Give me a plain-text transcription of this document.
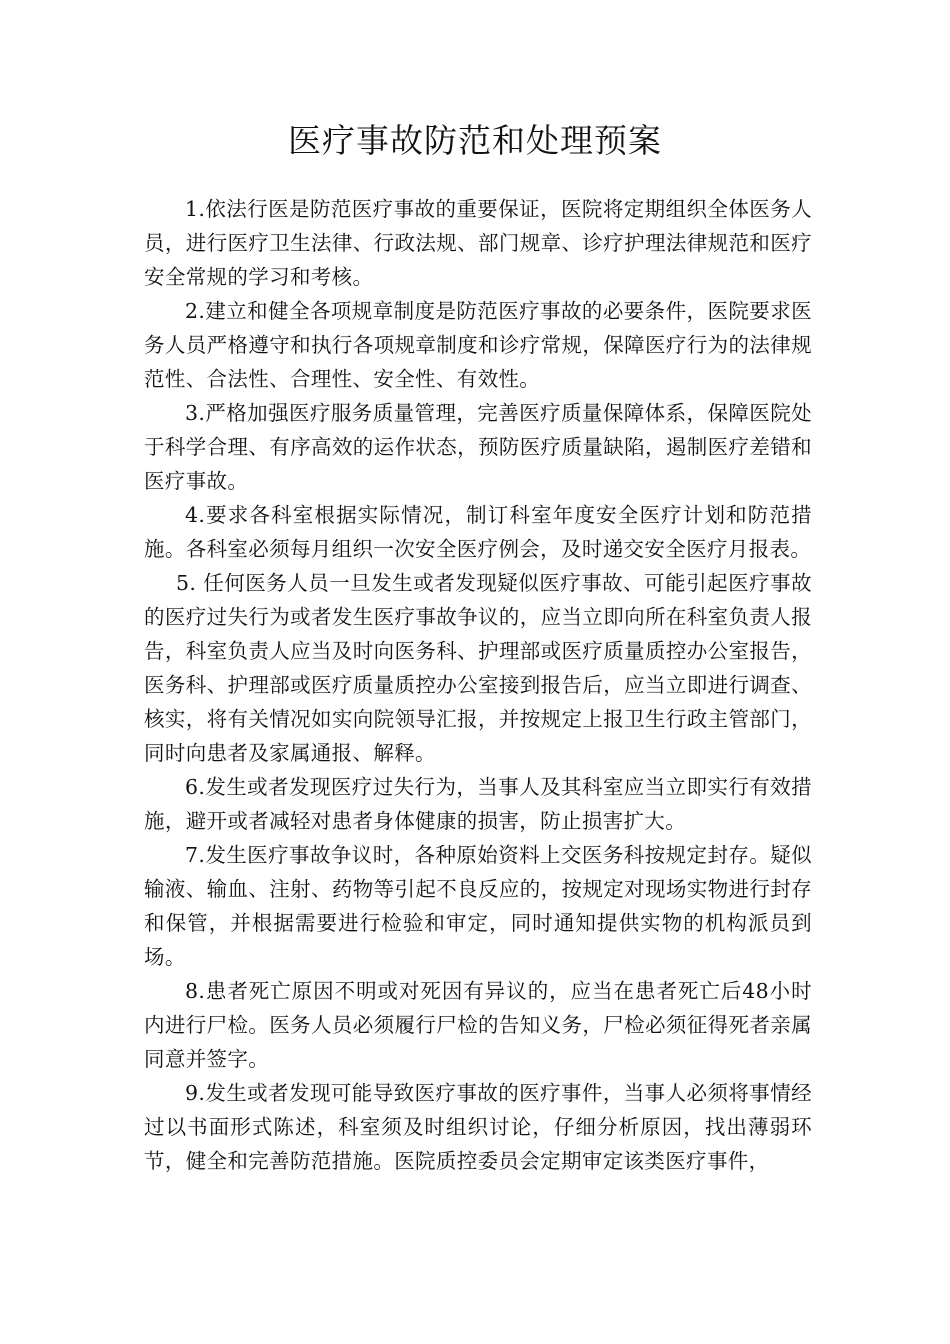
医疗事故防范和处理预案

1.依法行医是防范医疗事故的重要保证，医院将定期组织全体医务人员，进行医疗卫生法律、行政法规、部门规章、诊疗护理法律规范和医疗安全常规的学习和考核。

2.建立和健全各项规章制度是防范医疗事故的必要条件，医院要求医务人员严格遵守和执行各项规章制度和诊疗常规，保障医疗行为的法律规范性、合法性、合理性、安全性、有效性。

3.严格加强医疗服务质量管理，完善医疗质量保障体系，保障医院处于科学合理、有序高效的运作状态，预防医疗质量缺陷，遏制医疗差错和医疗事故。

4.要求各科室根据实际情况，制订科室年度安全医疗计划和防范措施。各科室必须每月组织一次安全医疗例会，及时递交安全医疗月报表。

5. 任何医务人员一旦发生或者发现疑似医疗事故、可能引起医疗事故的医疗过失行为或者发生医疗事故争议的，应当立即向所在科室负责人报告，科室负责人应当及时向医务科、护理部或医疗质量质控办公室报告，医务科、护理部或医疗质量质控办公室接到报告后，应当立即进行调查、核实，将有关情况如实向院领导汇报，并按规定上报卫生行政主管部门，同时向患者及家属通报、解释。

6.发生或者发现医疗过失行为，当事人及其科室应当立即实行有效措施，避开或者减轻对患者身体健康的损害，防止损害扩大。

7.发生医疗事故争议时，各种原始资料上交医务科按规定封存。疑似输液、输血、注射、药物等引起不良反应的，按规定对现场实物进行封存和保管，并根据需要进行检验和审定，同时通知提供实物的机构派员到场。

8.患者死亡原因不明或对死因有异议的，应当在患者死亡后48小时内进行尸检。医务人员必须履行尸检的告知义务，尸检必须征得死者亲属同意并签字。

9.发生或者发现可能导致医疗事故的医疗事件，当事人必须将事情经过以书面形式陈述，科室须及时组织讨论，仔细分析原因，找出薄弱环节，健全和完善防范措施。医院质控委员会定期审定该类医疗事件，
